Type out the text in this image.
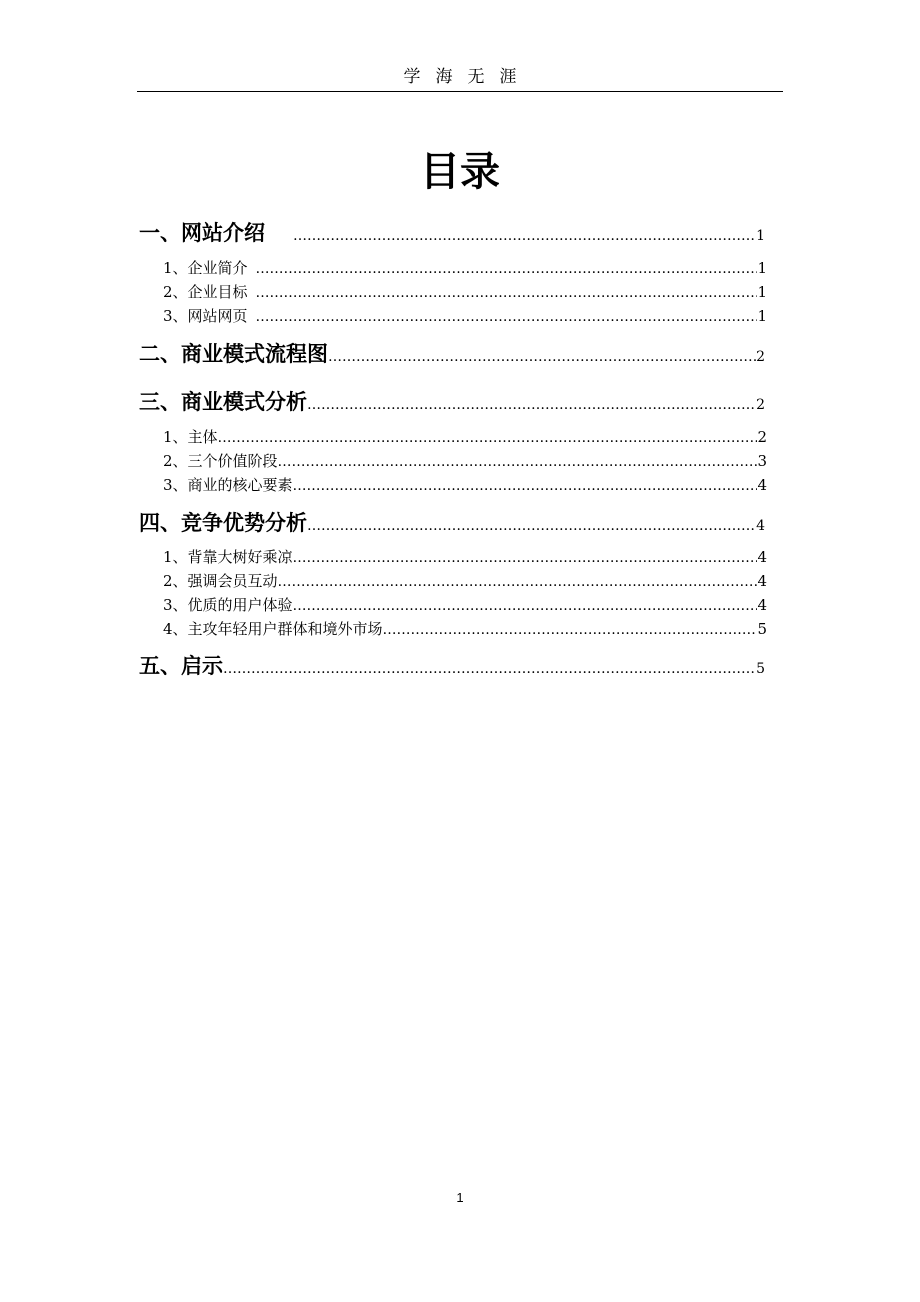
学海无涯
目录
一、网站介绍 ……………………………………………………………………………………………………………………………………………………………………………………………………………………	1
1、企业简介 ……………………………………………………………………………………………………………………………………………………………………………………………………………………	1
2、企业目标 ……………………………………………………………………………………………………………………………………………………………………………………………………………………	1
3、网站网页 ……………………………………………………………………………………………………………………………………………………………………………………………………………………	1
二、商业模式流程图 ……………………………………………………………………………………………………………………………………………………………………………………………………………………	2
三、商业模式分析 ……………………………………………………………………………………………………………………………………………………………………………………………………………………	2
1、主体 ……………………………………………………………………………………………………………………………………………………………………………………………………………………	2
2、三个价值阶段 ……………………………………………………………………………………………………………………………………………………………………………………………………………………	3
3、商业的核心要素 ……………………………………………………………………………………………………………………………………………………………………………………………………………………	4
四、竞争优势分析 ……………………………………………………………………………………………………………………………………………………………………………………………………………………	4
1、背靠大树好乘凉 ……………………………………………………………………………………………………………………………………………………………………………………………………………………	4
2、强调会员互动 ……………………………………………………………………………………………………………………………………………………………………………………………………………………	4
3、优质的用户体验 ……………………………………………………………………………………………………………………………………………………………………………………………………………………	4
4、主攻年轻用户群体和境外市场 ……………………………………………………………………………………………………………………………………………………………………………………………………………………	5
五、启示 ……………………………………………………………………………………………………………………………………………………………………………………………………………………	5
1
